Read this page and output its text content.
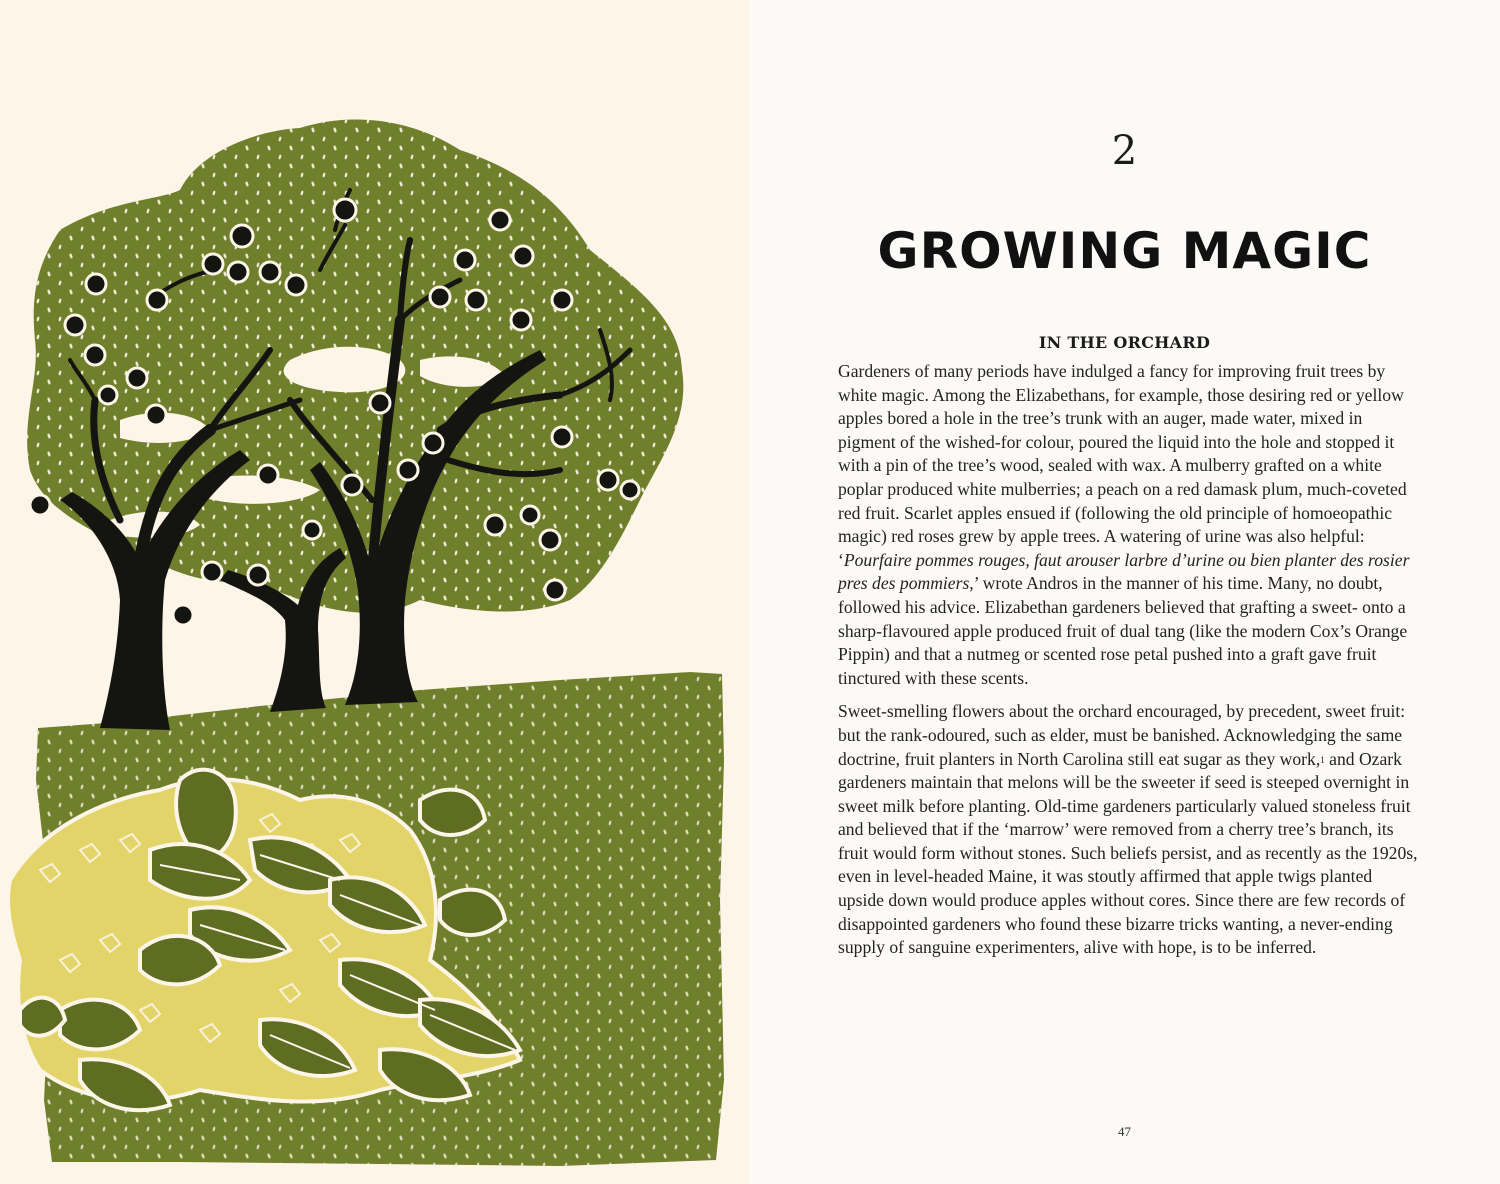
2
GROWING MAGIC
IN THE ORCHARD

Gardeners of many periods have indulged a fancy for improving fruit trees by white magic. Among the Elizabethans, for example, those desiring red or yellow apples bored a hole in the tree’s trunk with an auger, made water, mixed in pigment of the wished-for colour, poured the liquid into the hole and stopped it with a pin of the tree’s wood, sealed with wax. A mulberry grafted on a white poplar produced white mulberries; a peach on a red damask plum, much-coveted red fruit. Scarlet apples ensued if (following the old principle of homoeopathic magic) red roses grew by apple trees. A watering of urine was also helpful: ‘Pourfaire pommes rouges, faut arouser larbre d’urine ou bien planter des rosier pres des pommiers,’ wrote Andros in the manner of his time. Many, no doubt, followed his advice. Elizabethan gardeners believed that grafting a sweet- onto a sharp-flavoured apple produced fruit of dual tang (like the modern Cox’s Orange Pippin) and that a nutmeg or scented rose petal pushed into a graft gave fruit tinctured with these scents.

Sweet-smelling flowers about the orchard encouraged, by precedent, sweet fruit: but the rank-odoured, such as elder, must be banished. Acknowledging the same doctrine, fruit planters in North Carolina still eat sugar as they work,$^1$ and Ozark gardeners maintain that melons will be the sweeter if seed is steeped overnight in sweet milk before planting. Old-time gardeners particularly valued stoneless fruit and believed that if the ‘marrow’ were removed from a cherry tree’s branch, its fruit would form without stones. Such beliefs persist, and as recently as the 1920s, even in level-headed Maine, it was stoutly affirmed that apple twigs planted upside down would produce apples without cores. Since there are few records of disappointed gardeners who found these bizarre tricks wanting, a never-ending supply of sanguine experimenters, alive with hope, is to be inferred.

47
